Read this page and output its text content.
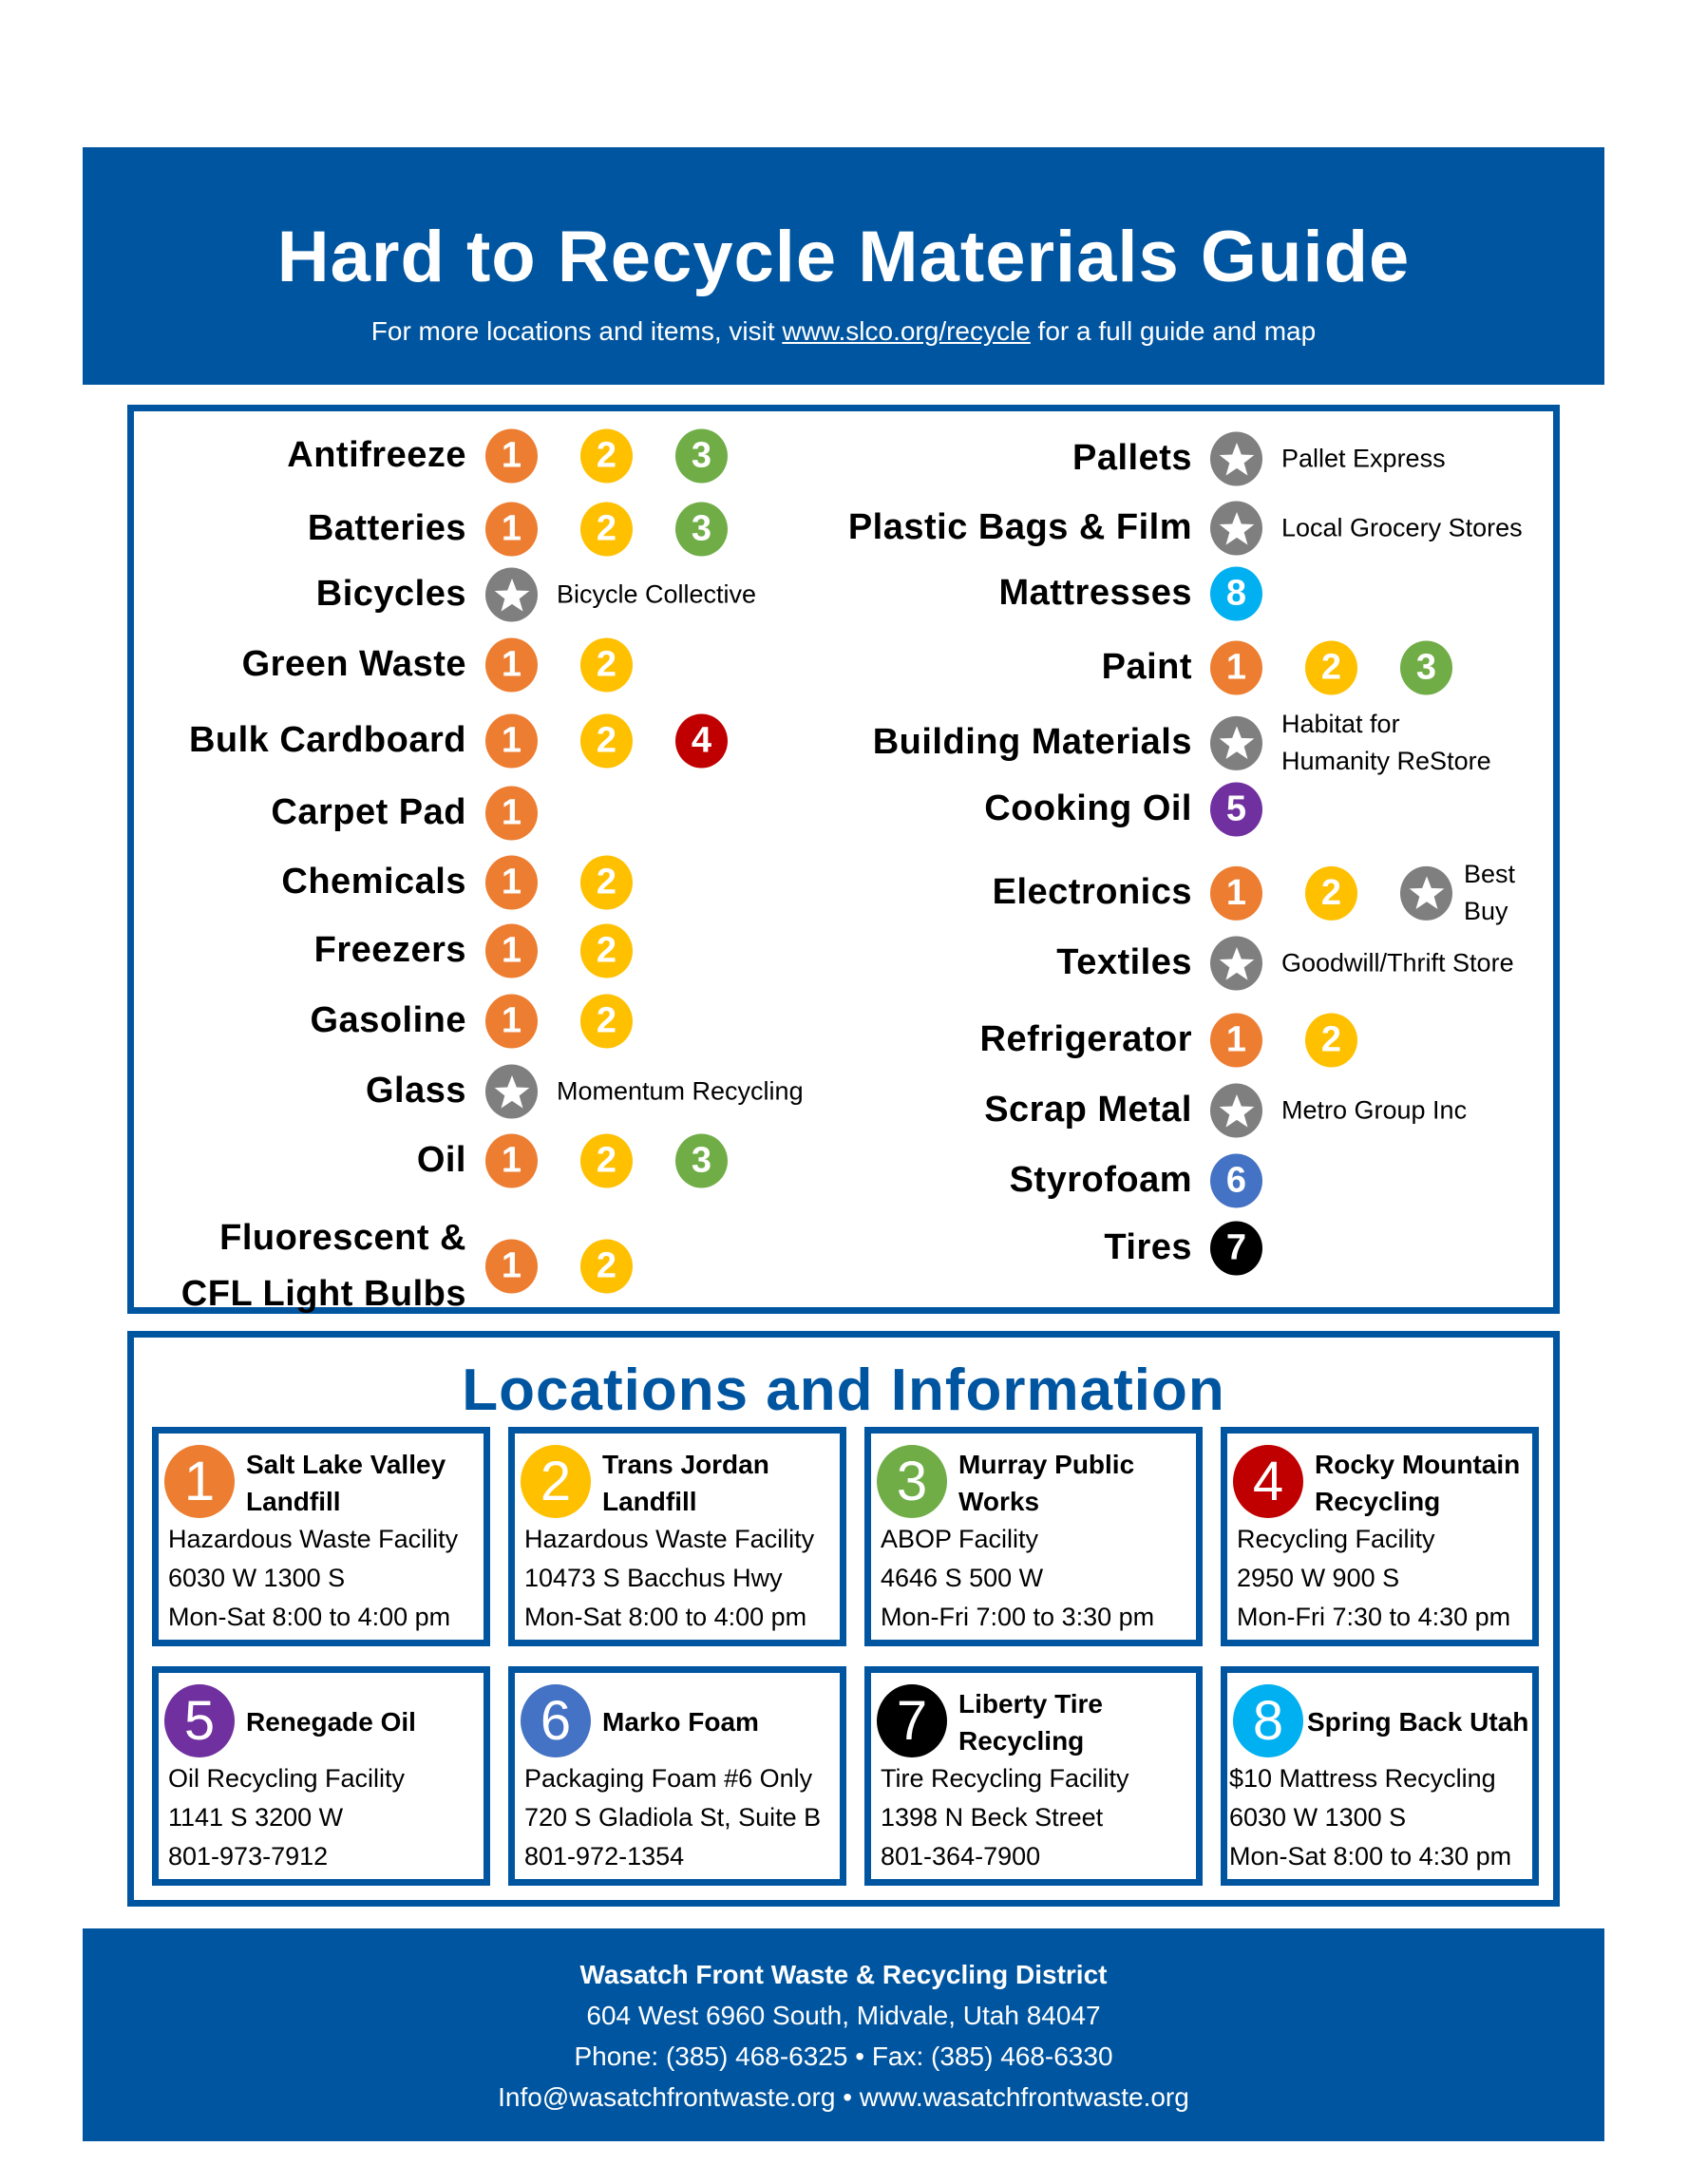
Hard to Recycle Materials Guide
For more locations and items, visit www.slco.org/recycle for a full guide and map
Antifreeze 1	2	3
Batteries 1	2	3
Bicycles	Bicycle Collective
Green Waste 1	2
Bulk Cardboard 1	2	4
Carpet Pad 1
Chemicals 1	2
Freezers 1	2
Gasoline 1	2
Glass	Momentum Recycling
Oil 1	2	3
Fluorescent &
CFL Light Bulbs
1	2
Pallets	Pallet Express
Plastic Bags & Film	Local Grocery Stores
Mattresses 8
Paint 1	2	3
Building Materials	Habitat for
Humanity ReStore
Cooking Oil 5
Electronics 1	2	Best
Buy
Textiles	Goodwill/Thrift Store
Refrigerator 1	2
Scrap Metal	Metro Group Inc
Styrofoam 6
Tires 7
Locations and Information
1	Salt Lake Valley Landfill
Hazardous Waste Facility
6030 W 1300 S
Mon-Sat 8:00 to 4:00 pm
2	Trans Jordan Landfill
Hazardous Waste Facility
10473 S Bacchus Hwy
Mon-Sat 8:00 to 4:00 pm
3	Murray Public Works
ABOP Facility
4646 S 500 W
Mon-Fri 7:00 to 3:30 pm
4	Rocky Mountain Recycling
Recycling Facility
2950 W 900 S
Mon-Fri 7:30 to 4:30 pm
5	Renegade Oil
Oil Recycling Facility
1141 S 3200 W
801-973-7912
6	Marko Foam
Packaging Foam #6 Only
720 S Gladiola St, Suite B
801-972-1354
7	Liberty Tire Recycling
Tire Recycling Facility
1398 N Beck Street
801-364-7900
8 Spring Back Utah
$10 Mattress Recycling
6030 W 1300 S
Mon-Sat 8:00 to 4:30 pm
Wasatch Front Waste & Recycling District
604 West 6960 South, Midvale, Utah 84047
Phone: (385) 468-6325 • Fax: (385) 468-6330
Info@wasatchfrontwaste.org • www.wasatchfrontwaste.org
